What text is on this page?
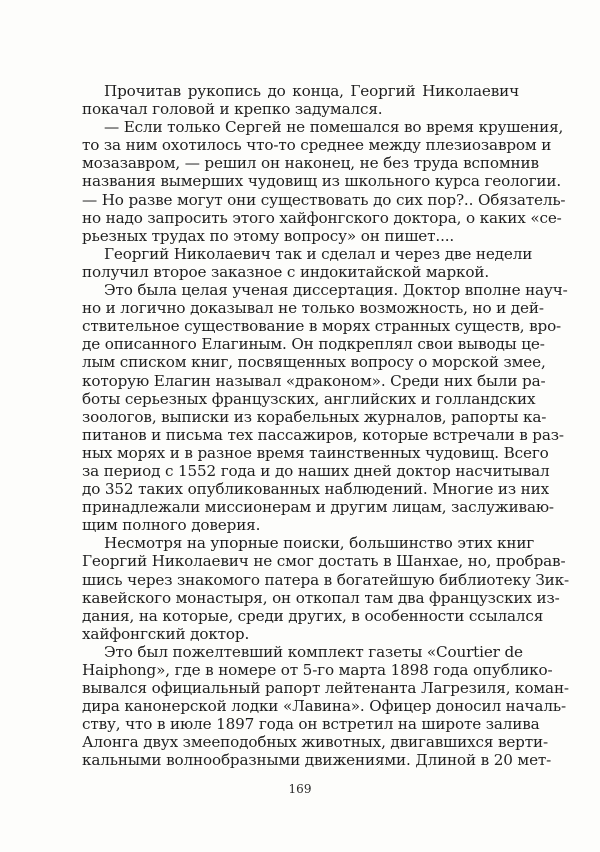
Прочитав рукопись до конца, Георгий Николаевич
покачал головой и крепко задумался.
— Если только Сергей не помешался во время крушения,
то за ним охотилось что-то среднее между плезиозавром и
мозазавром, — решил он наконец, не без труда вспомнив
названия вымерших чудовищ из школьного курса геологии.
— Но разве могут они существовать до сих пор?.. Обязатель-
но надо запросить этого хайфонгского доктора, о каких «се-
рьезных трудах по этому вопросу» он пишет....
Георгий Николаевич так и сделал и через две недели
получил второе заказное с индокитайской маркой.
Это была целая ученая диссертация. Доктор вполне науч-
но и логично доказывал не только возможность, но и дей-
ствительное существование в морях странных существ, вро-
де описанного Елагиным. Он подкреплял свои выводы це-
лым списком книг, посвященных вопросу о морской змее,
которую Елагин называл «драконом». Среди них были ра-
боты серьезных французских, английских и голландских
зоологов, выписки из корабельных журналов, рапорты ка-
питанов и письма тех пассажиров, которые встречали в раз-
ных морях и в разное время таинственных чудовищ. Всего
за период с 1552 года и до наших дней доктор насчитывал
до 352 таких опубликованных наблюдений. Многие из них
принадлежали миссионерам и другим лицам, заслуживаю-
щим полного доверия.
Несмотря на упорные поиски, большинство этих книг
Георгий Николаевич не смог достать в Шанхае, но, пробрав-
шись через знакомого патера в богатейшую библиотеку Зик-
кавейского монастыря, он откопал там два французских из-
дания, на которые, среди других, в особенности ссылался
хайфонгский доктор.
Это был пожелтевший комплект газеты «Courtier de
Haiphong», где в номере от 5-го марта 1898 года опублико-
вывался официальный рапорт лейтенанта Лагрезиля, коман-
дира канонерской лодки «Лавина». Офицер доносил началь-
ству, что в июле 1897 года он встретил на широте залива
Алонга двух змееподобных животных, двигавшихся верти-
кальными волнообразными движениями. Длиной в 20 мет-
169
